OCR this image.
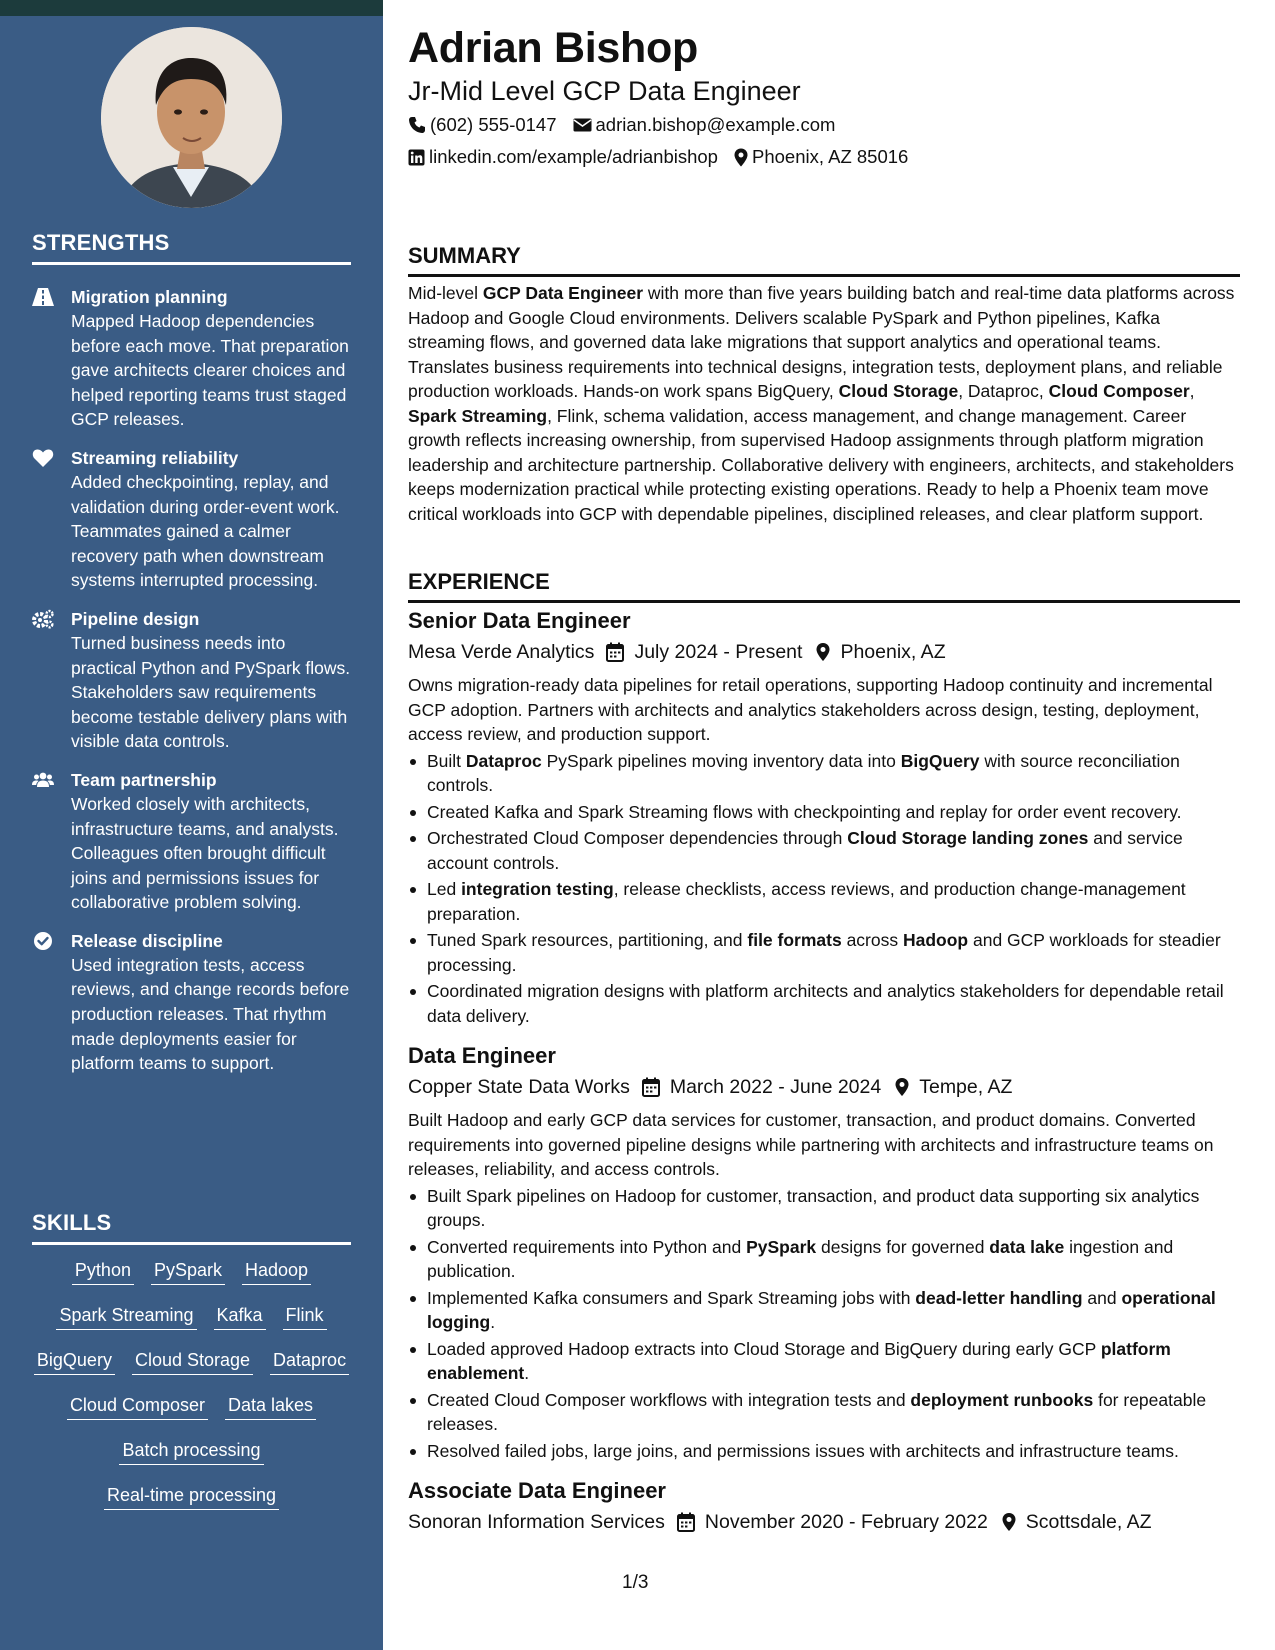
STRENGTHS
Migration planning
Mapped Hadoop dependencies before each move. That preparation gave architects clearer choices and helped reporting teams trust staged GCP releases.
Streaming reliability
Added checkpointing, replay, and validation during order-event work. Teammates gained a calmer recovery path when downstream systems interrupted processing.
Pipeline design
Turned business needs into practical Python and PySpark flows. Stakeholders saw requirements become testable delivery plans with visible data controls.
Team partnership
Worked closely with architects, infrastructure teams, and analysts. Colleagues often brought difficult joins and permissions issues for collaborative problem solving.
Release discipline
Used integration tests, access reviews, and change records before production releases. That rhythm made deployments easier for platform teams to support.
SKILLS
Python PySpark Hadoop
Spark Streaming Kafka Flink
BigQuery Cloud Storage Dataproc
Cloud Composer Data lakes
Batch processing
Real-time processing
Adrian Bishop
Jr-Mid Level GCP Data Engineer
(602) 555-0147 adrian.bishop@example.com
linkedin.com/example/adrianbishop Phoenix, AZ 85016
SUMMARY

Mid-level GCP Data Engineer with more than five years building batch and real-time data platforms across Hadoop and Google Cloud environments. Delivers scalable PySpark and Python pipelines, Kafka streaming flows, and governed data lake migrations that support analytics and operational teams. Translates business requirements into technical designs, integration tests, deployment plans, and reliable production workloads. Hands-on work spans BigQuery, Cloud Storage, Dataproc, Cloud Composer, Spark Streaming, Flink, schema validation, access management, and change management. Career growth reflects increasing ownership, from supervised Hadoop assignments through platform migration leadership and architecture partnership. Collaborative delivery with engineers, architects, and stakeholders keeps modernization practical while protecting existing operations. Ready to help a Phoenix team move critical workloads into GCP with dependable pipelines, disciplined releases, and clear platform support.

EXPERIENCE
Senior Data Engineer
Mesa Verde Analytics July 2024 - Present Phoenix, AZ

Owns migration-ready data pipelines for retail operations, supporting Hadoop continuity and incremental GCP adoption. Partners with architects and analytics stakeholders across design, testing, deployment, access review, and production support.

Built Dataproc PySpark pipelines moving inventory data into BigQuery with source reconciliation controls.
Created Kafka and Spark Streaming flows with checkpointing and replay for order event recovery.
Orchestrated Cloud Composer dependencies through Cloud Storage landing zones and service account controls.
Led integration testing, release checklists, access reviews, and production change-management preparation.
Tuned Spark resources, partitioning, and file formats across Hadoop and GCP workloads for steadier processing.
Coordinated migration designs with platform architects and analytics stakeholders for dependable retail data delivery.
Data Engineer
Copper State Data Works March 2022 - June 2024 Tempe, AZ

Built Hadoop and early GCP data services for customer, transaction, and product domains. Converted requirements into governed pipeline designs while partnering with architects and infrastructure teams on releases, reliability, and access controls.

Built Spark pipelines on Hadoop for customer, transaction, and product data supporting six analytics groups.
Converted requirements into Python and PySpark designs for governed data lake ingestion and publication.
Implemented Kafka consumers and Spark Streaming jobs with dead-letter handling and operational logging.
Loaded approved Hadoop extracts into Cloud Storage and BigQuery during early GCP platform enablement.
Created Cloud Composer workflows with integration tests and deployment runbooks for repeatable releases.
Resolved failed jobs, large joins, and permissions issues with architects and infrastructure teams.
Associate Data Engineer
Sonoran Information Services November 2020 - February 2022 Scottsdale, AZ
1/3
